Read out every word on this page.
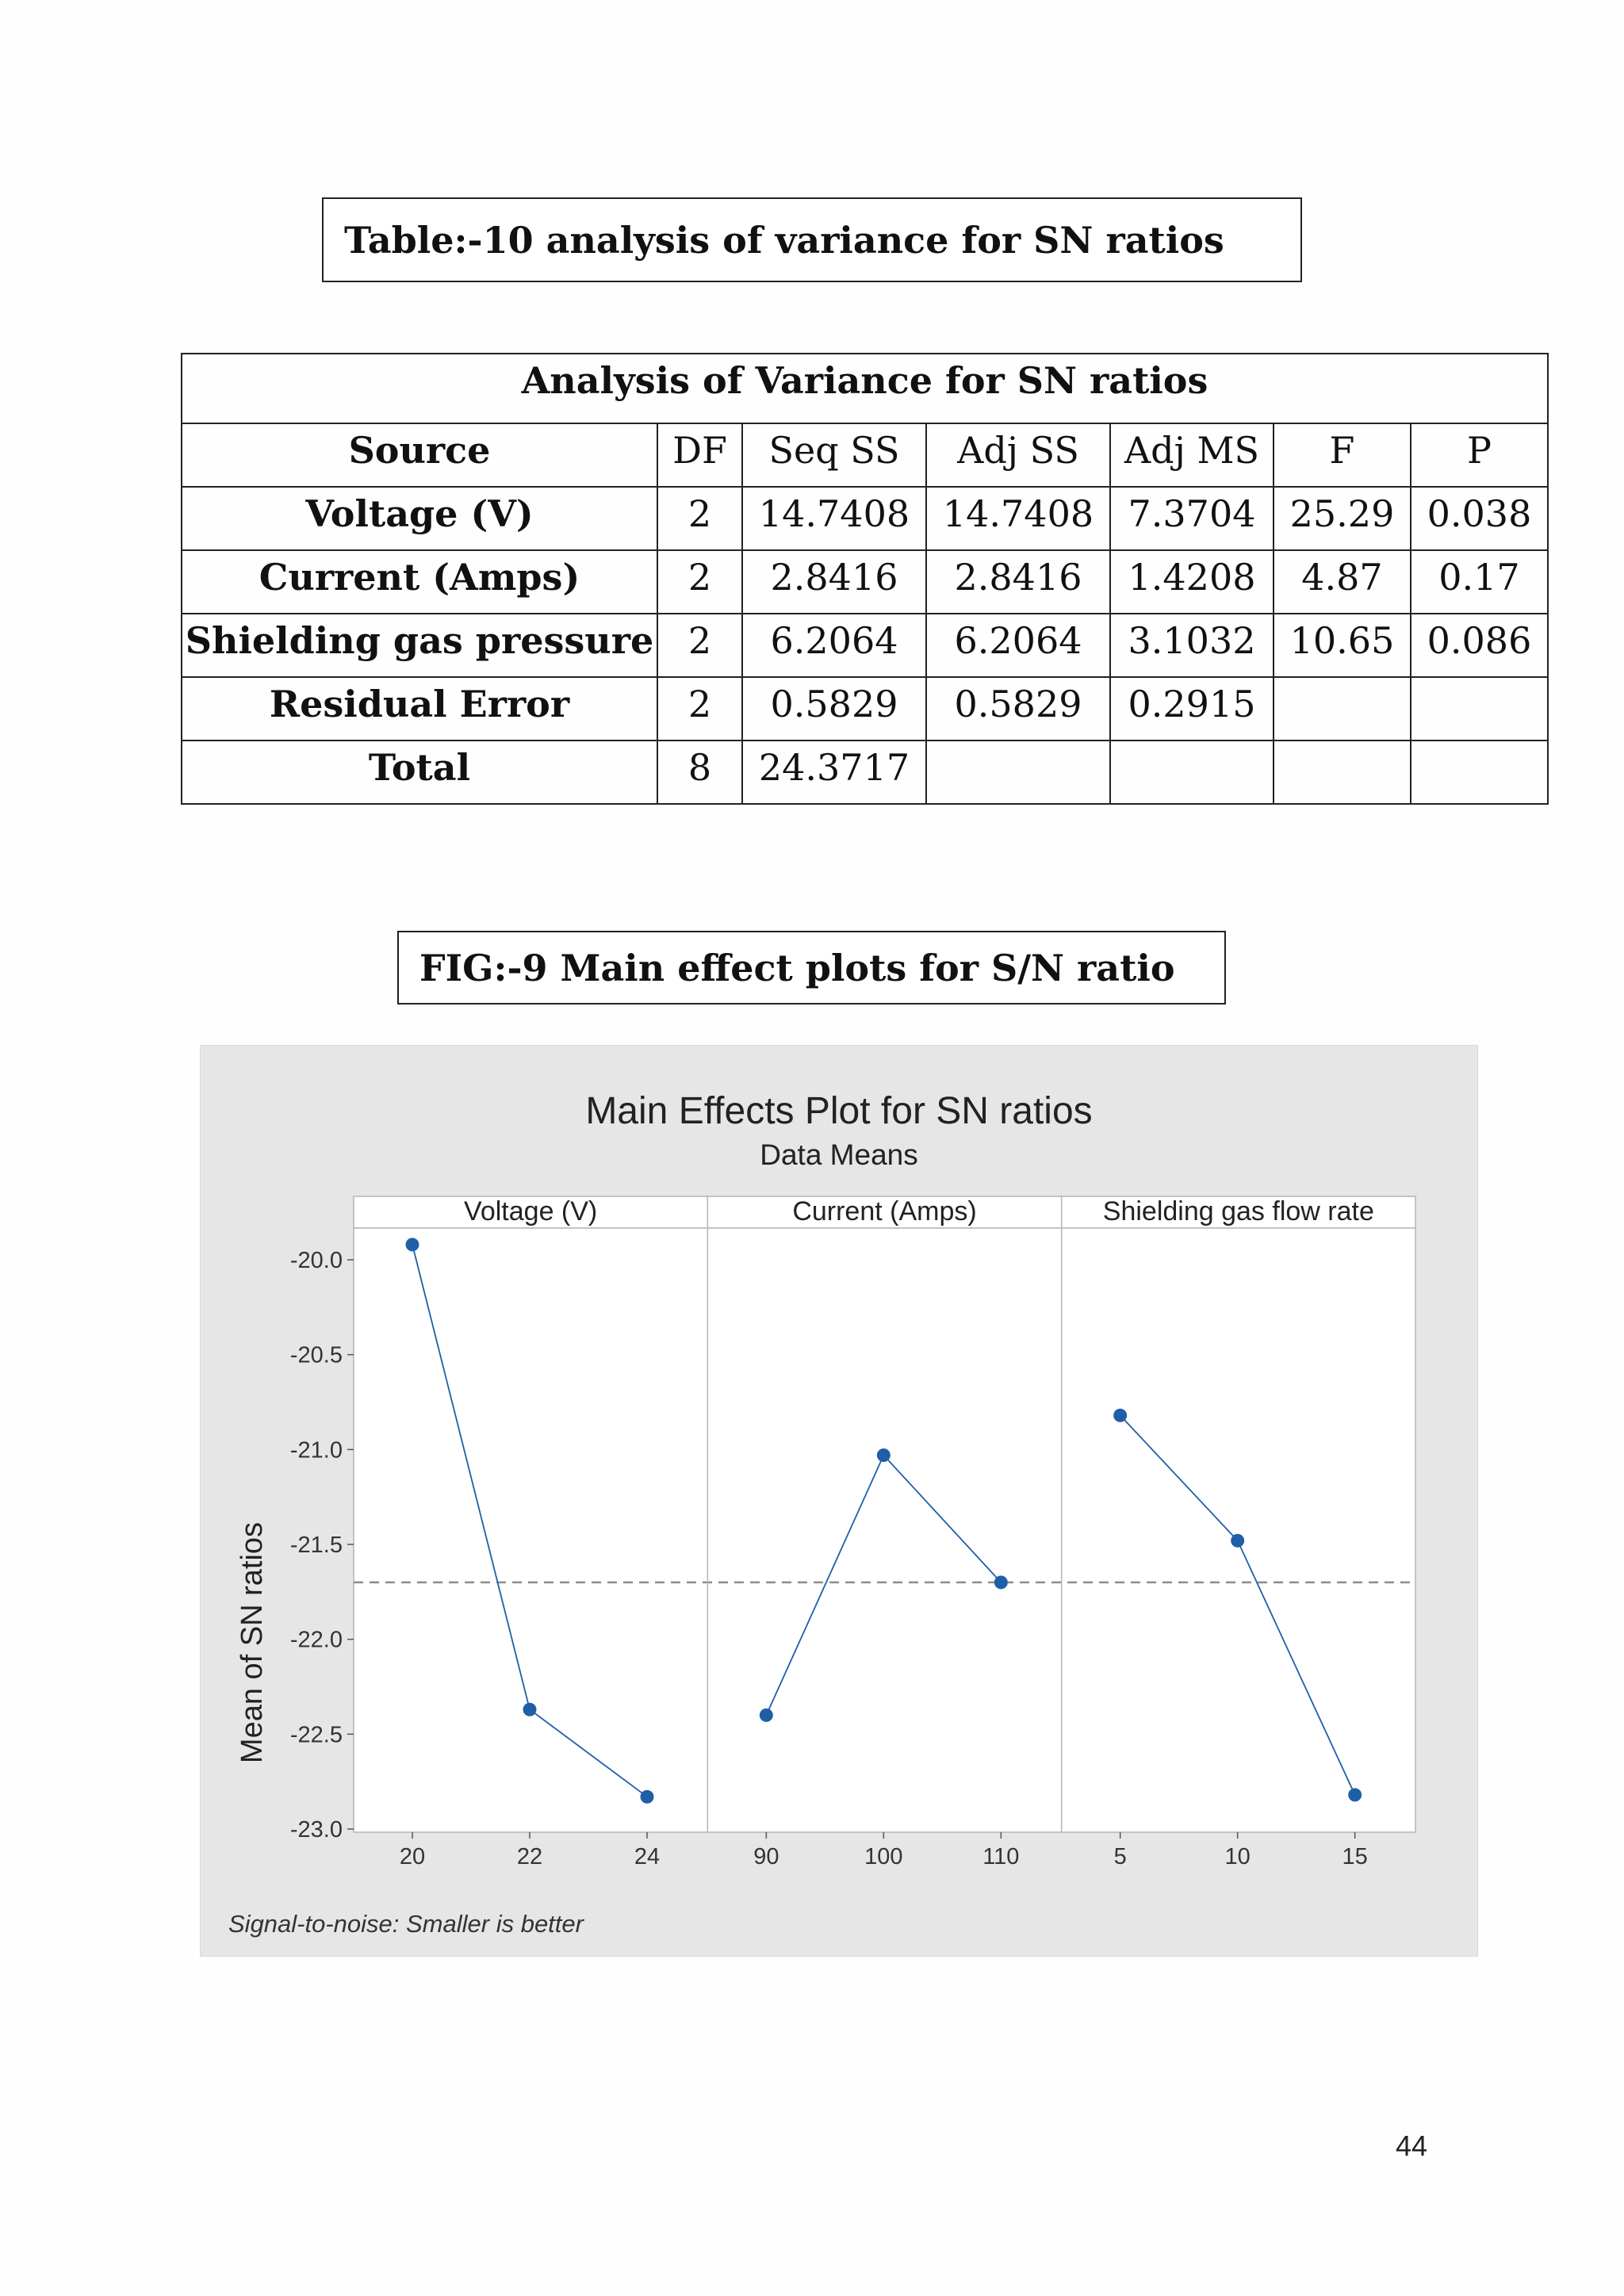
Table:-10 analysis of variance for SN ratios
Analysis of Variance for SN ratios						
Source	DF	Seq SS	Adj SS	Adj MS	F	P
Voltage (V)	2	14.7408	14.7408	7.3704	25.29	0.038
Current (Amps)	2	2.8416	2.8416	1.4208	4.87	0.17
Shielding gas pressure	2	6.2064	6.2064	3.1032	10.65	0.086
Residual Error	2	0.5829	0.5829	0.2915		
Total	8	24.3717				
FIG:-9 Main effect plots for S/N ratio
Main Effects Plot for SN ratios
Data Means
Mean of SN ratios
Signal-to-noise: Smaller is better
-20.0
-20.5
-21.0
-21.5
-22.0
-22.5
-23.0
Voltage (V)
20	22	24
Current (Amps)
90	100	110
Shielding gas flow rate
5	10	15
44
